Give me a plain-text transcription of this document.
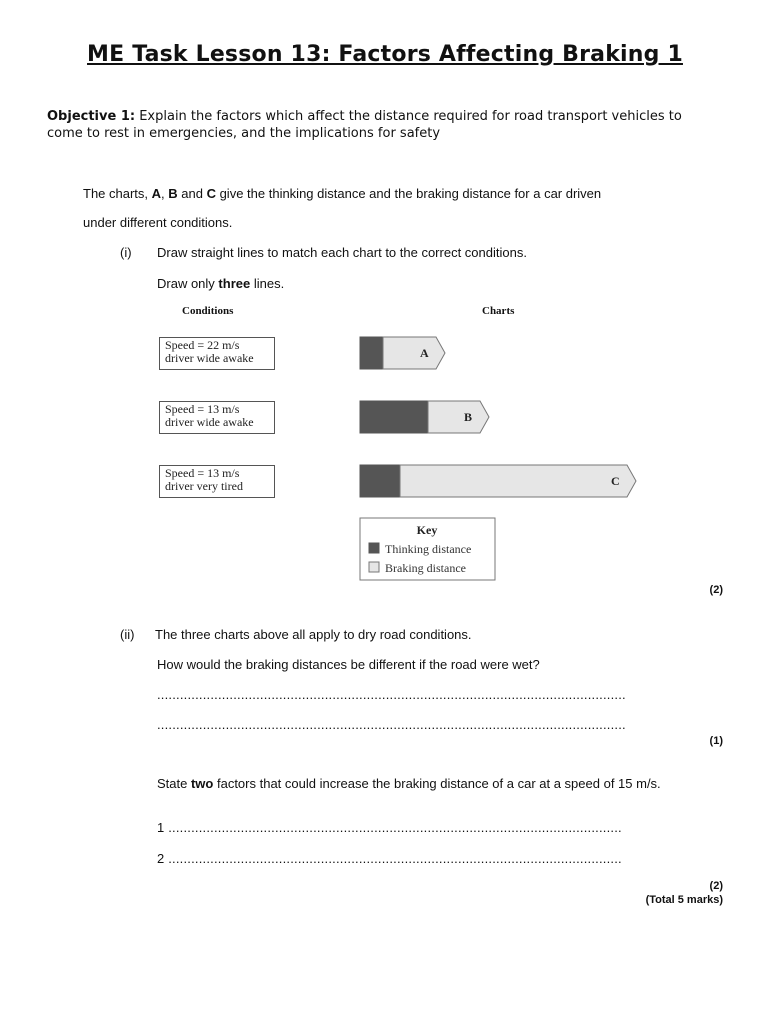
ME Task Lesson 13: Factors Affecting Braking 1
Objective 1: Explain the factors which affect the distance required for road transport vehicles to come to rest in emergencies, and the implications for safety
The charts, A, B and C give the thinking distance and the braking distance for a car driven
under different conditions.
(i) Draw straight lines to match each chart to the correct conditions.
Draw only three lines.
Conditions	Charts
Speed = 22 m/s
driver wide awake
Speed = 13 m/s
driver wide awake
Speed = 13 m/s
driver very tired
A
B
C
Key
Thinking distance
Braking distance
(2)
(ii) The three charts above all apply to dry road conditions.
How would the braking distances be different if the road were wet?
...........................................................................................................................
...........................................................................................................................
(1)
State two factors that could increase the braking distance of a car at a speed of 15 m/s.
1 .......................................................................................................................
2 .......................................................................................................................
(2)
(Total 5 marks)
